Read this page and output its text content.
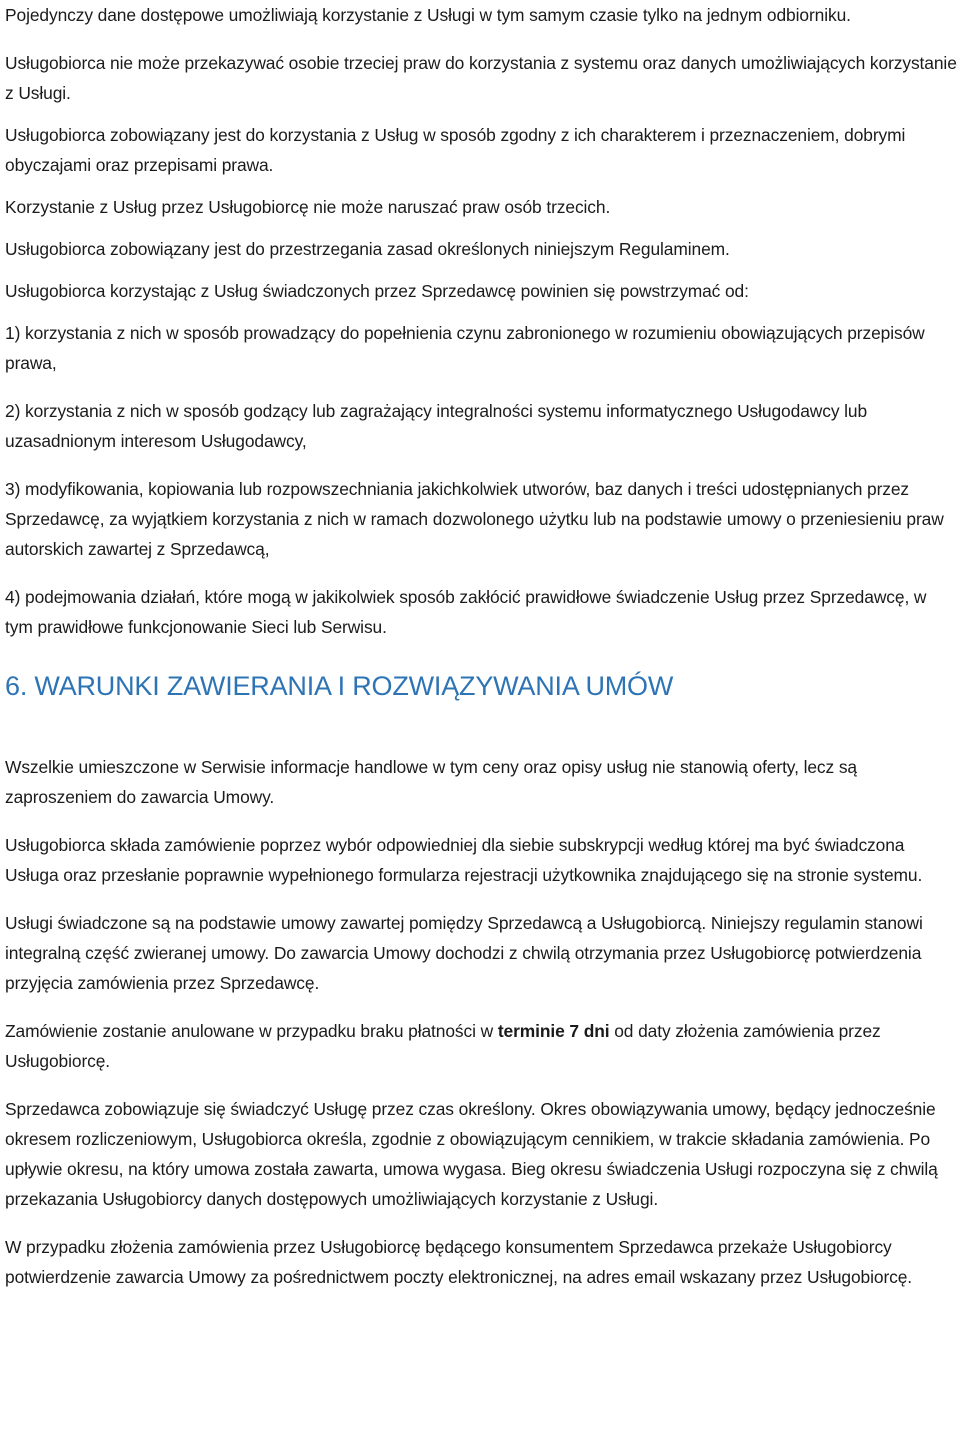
Pojedynczy dane dostępowe umożliwiają korzystanie z Usługi w tym samym czasie tylko na jednym odbiorniku.

Usługobiorca nie może przekazywać osobie trzeciej praw do korzystania z systemu oraz danych umożliwiających korzystanie z Usługi.

Usługobiorca zobowiązany jest do korzystania z Usług w sposób zgodny z ich charakterem i przeznaczeniem, dobrymi obyczajami oraz przepisami prawa.

Korzystanie z Usług przez Usługobiorcę nie może naruszać praw osób trzecich.

Usługobiorca zobowiązany jest do przestrzegania zasad określonych niniejszym Regulaminem.

Usługobiorca korzystając z Usług świadczonych przez Sprzedawcę powinien się powstrzymać od:

1) korzystania z nich w sposób prowadzący do popełnienia czynu zabronionego w rozumieniu obowiązujących przepisów prawa,

2) korzystania z nich w sposób godzący lub zagrażający integralności systemu informatycznego Usługodawcy lub uzasadnionym interesom Usługodawcy,

3) modyfikowania, kopiowania lub rozpowszechniania jakichkolwiek utworów, baz danych i treści udostępnianych przez Sprzedawcę, za wyjątkiem korzystania z nich w ramach dozwolonego użytku lub na podstawie umowy o przeniesieniu praw autorskich zawartej z Sprzedawcą,

4) podejmowania działań, które mogą w jakikolwiek sposób zakłócić prawidłowe świadczenie Usług przez Sprzedawcę, w tym prawidłowe funkcjonowanie Sieci lub Serwisu.

6. WARUNKI ZAWIERANIA I ROZWIĄZYWANIA UMÓW

Wszelkie umieszczone w Serwisie informacje handlowe w tym ceny oraz opisy usług nie stanowią oferty, lecz są zaproszeniem do zawarcia Umowy.

Usługobiorca składa zamówienie poprzez wybór odpowiedniej dla siebie subskrypcji według której ma być świadczona Usługa oraz przesłanie poprawnie wypełnionego formularza rejestracji użytkownika znajdującego się na stronie systemu.

Usługi świadczone są na podstawie umowy zawartej pomiędzy Sprzedawcą a Usługobiorcą. Niniejszy regulamin stanowi integralną część zwieranej umowy. Do zawarcia Umowy dochodzi z chwilą otrzymania przez Usługobiorcę potwierdzenia przyjęcia zamówienia przez Sprzedawcę.

Zamówienie zostanie anulowane w przypadku braku płatności w terminie 7 dni od daty złożenia zamówienia przez Usługobiorcę.

Sprzedawca zobowiązuje się świadczyć Usługę przez czas określony. Okres obowiązywania umowy, będący jednocześnie okresem rozliczeniowym, Usługobiorca określa, zgodnie z obowiązującym cennikiem, w trakcie składania zamówienia. Po upływie okresu, na który umowa została zawarta, umowa wygasa. Bieg okresu świadczenia Usługi rozpoczyna się z chwilą przekazania Usługobiorcy danych dostępowych umożliwiających korzystanie z Usługi.

W przypadku złożenia zamówienia przez Usługobiorcę będącego konsumentem Sprzedawca przekaże Usługobiorcy potwierdzenie zawarcia Umowy za pośrednictwem poczty elektronicznej, na adres email wskazany przez Usługobiorcę.
